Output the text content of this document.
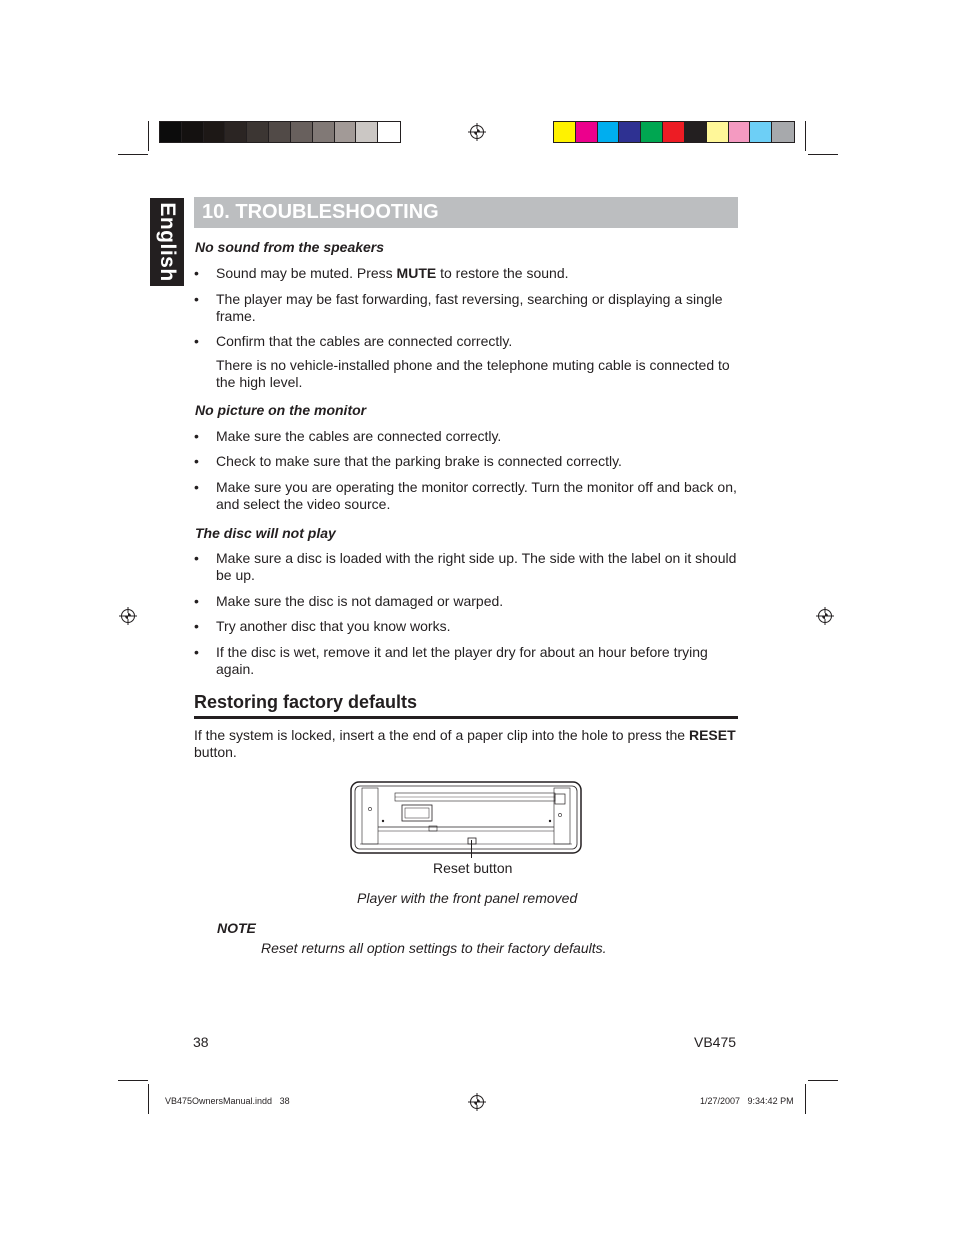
English	10. TROUBLESHOOTING
No sound from the speakers
• Sound may be muted. Press MUTE to restore the sound.
• The player may be fast forwarding, fast reversing, searching or displaying a single frame.
• Confirm that the cables are connected correctly.
There is no vehicle-installed phone and the telephone muting cable is connected to the high level.
No picture on the monitor
• Make sure the cables are connected correctly.
• Check to make sure that the parking brake is connected correctly.
• Make sure you are operating the monitor correctly. Turn the monitor off and back on, and select the video source.
The disc will not play
• Make sure a disc is loaded with the right side up. The side with the label on it should be up.
• Make sure the disc is not damaged or warped.
• Try another disc that you know works.
• If the disc is wet, remove it and let the player dry for about an hour before trying again.
Restoring factory defaults
If the system is locked, insert a the end of a paper clip into the hole to press the RESET button.
Reset button
Player with the front panel removed
NOTE
Reset returns all option settings to their factory defaults.
38	VB475
VB475OwnersManual.indd   38	1/27/2007   9:34:42 PM
